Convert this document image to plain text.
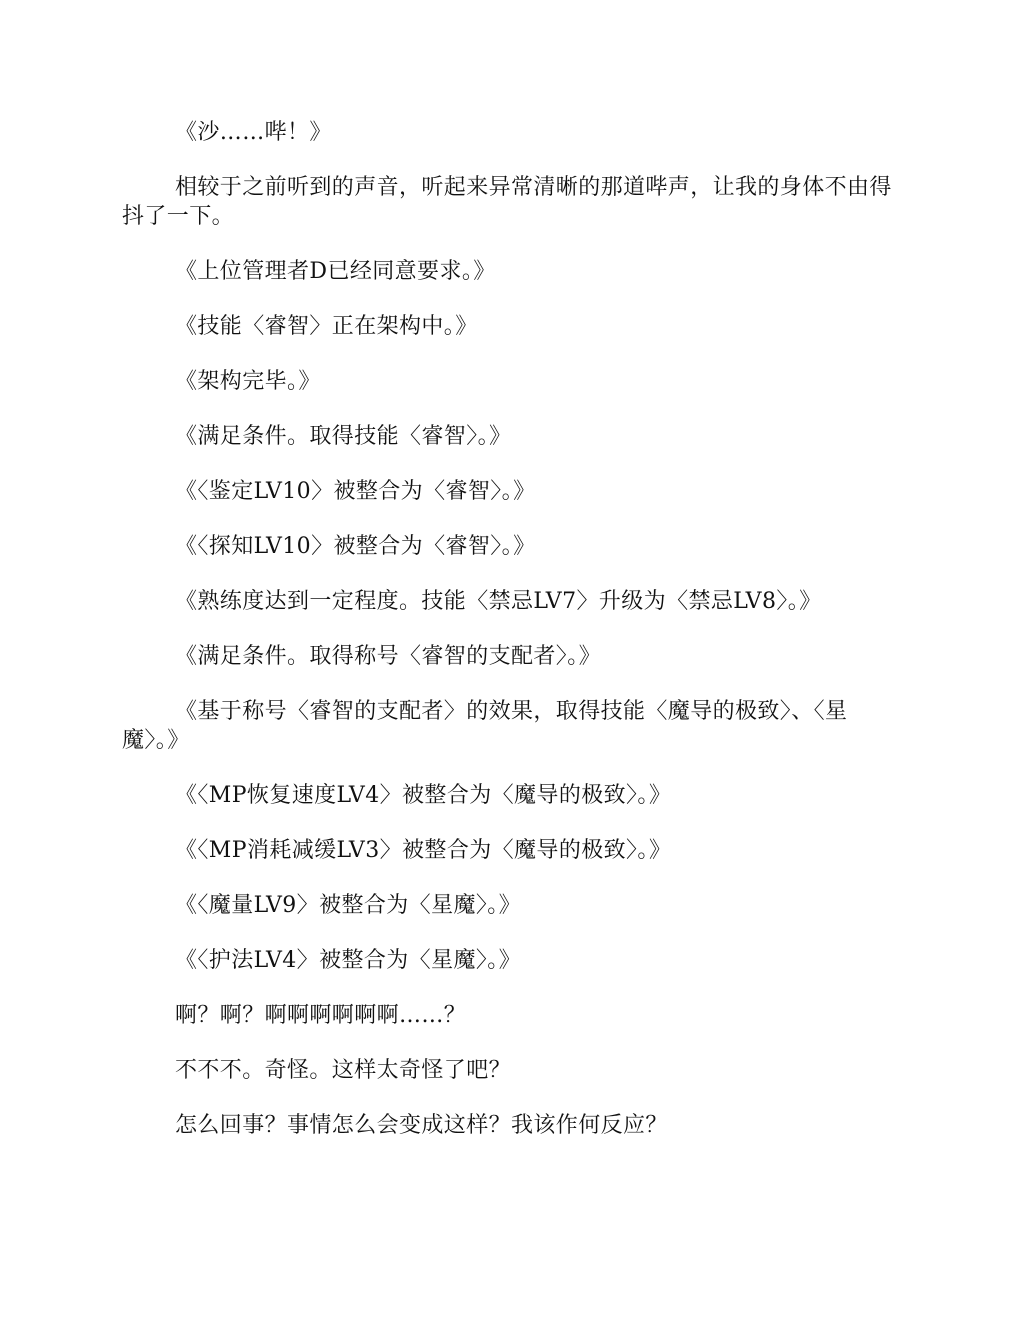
《沙……哔！》

相较于之前听到的声音，听起来异常清晰的那道哔声，让我的身体不由得抖了一下。

《上位管理者D已经同意要求。》

《技能〈睿智〉正在架构中。》

《架构完毕。》

《满足条件。取得技能〈睿智〉。》

《〈鉴定LV10〉被整合为〈睿智〉。》

《〈探知LV10〉被整合为〈睿智〉。》

《熟练度达到一定程度。技能〈禁忌LV7〉升级为〈禁忌LV8〉。》

《满足条件。取得称号〈睿智的支配者〉。》

《基于称号〈睿智的支配者〉的效果，取得技能〈魔导的极致〉、〈星魔〉。》

《〈MP恢复速度LV4〉被整合为〈魔导的极致〉。》

《〈MP消耗减缓LV3〉被整合为〈魔导的极致〉。》

《〈魔量LV9〉被整合为〈星魔〉。》

《〈护法LV4〉被整合为〈星魔〉。》

啊？啊？啊啊啊啊啊啊……？

不不不。奇怪。这样太奇怪了吧？

怎么回事？事情怎么会变成这样？我该作何反应？
